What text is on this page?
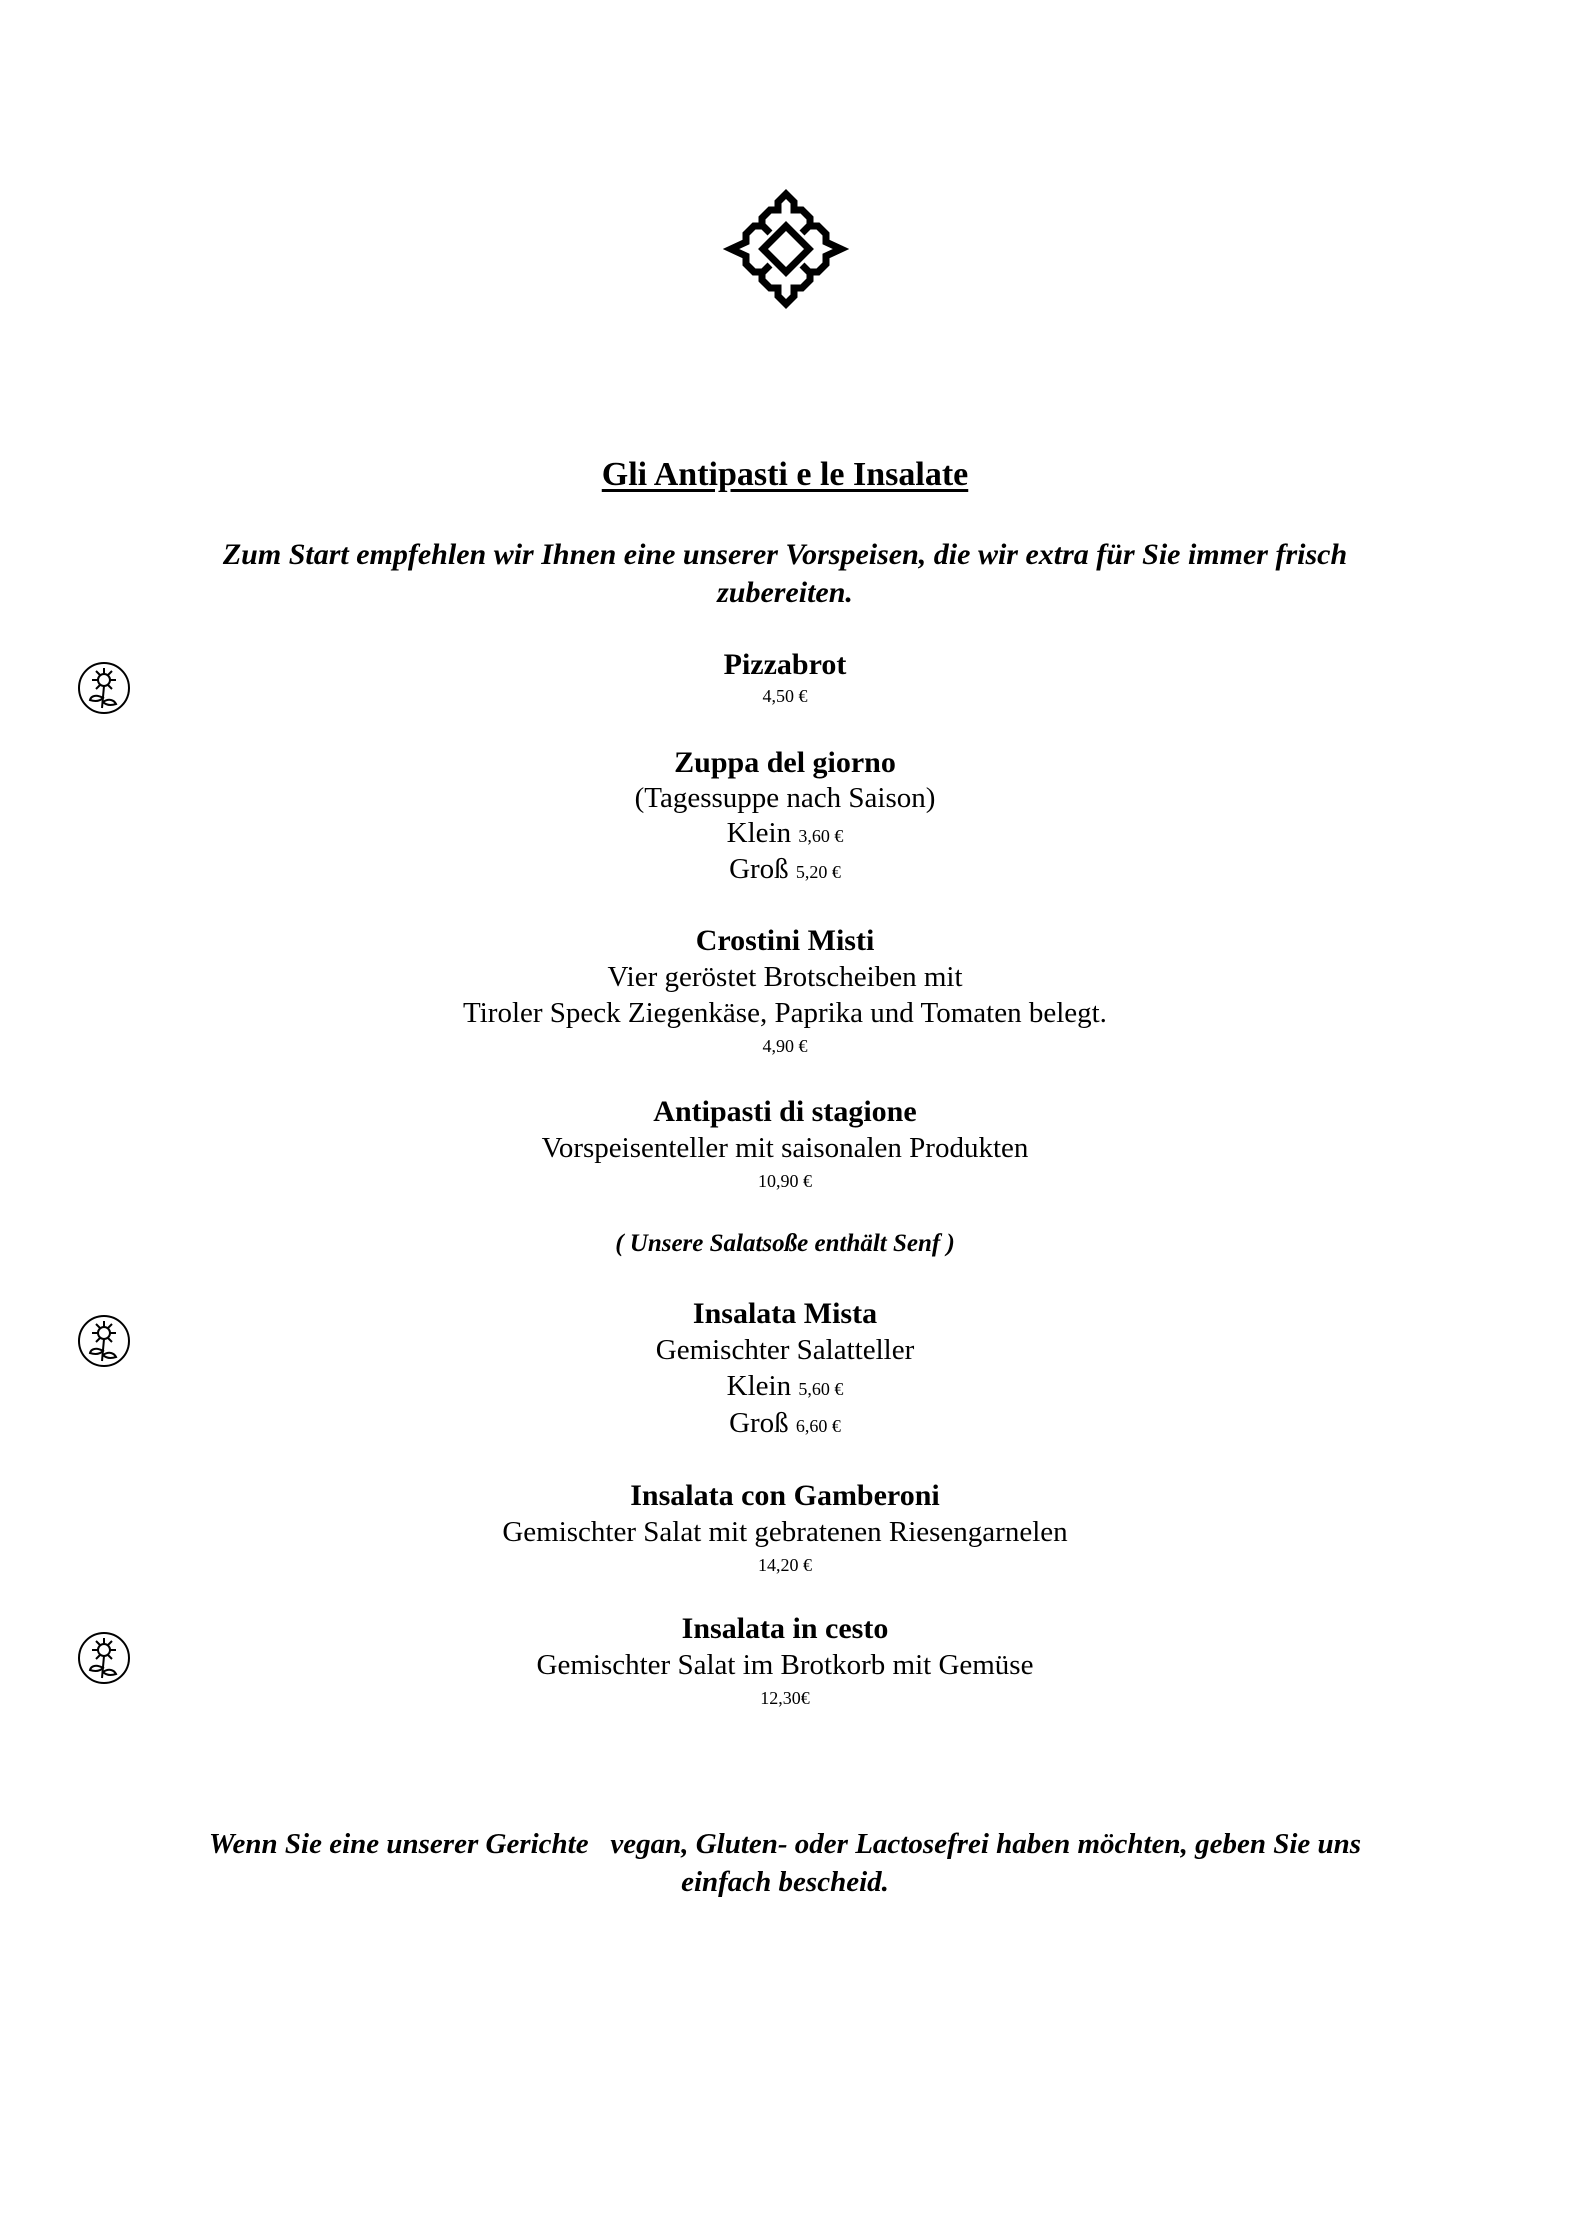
Gli Antipasti e le Insalate
Zum Start empfehlen wir Ihnen eine unserer Vorspeisen, die wir extra für Sie immer frisch
zubereiten.
Pizzabrot
4,50 €
Zuppa del giorno
(Tagessuppe nach Saison)
Klein 3,60 €
Groß 5,20 €
Crostini Misti
Vier geröstet Brotscheiben mit
Tiroler Speck Ziegenkäse, Paprika und Tomaten belegt.
4,90 €
Antipasti di stagione
Vorspeisenteller mit saisonalen Produkten
10,90 €
( Unsere Salatsoße enthält Senf )
Insalata Mista
Gemischter Salatteller
Klein 5,60 €
Groß 6,60 €
Insalata con Gamberoni
Gemischter Salat mit gebratenen Riesengarnelen
14,20 €
Insalata in cesto
Gemischter Salat im Brotkorb mit Gemüse
12,30€
Wenn Sie eine unserer Gerichte   vegan, Gluten- oder Lactosefrei haben möchten, geben Sie uns
einfach bescheid.
